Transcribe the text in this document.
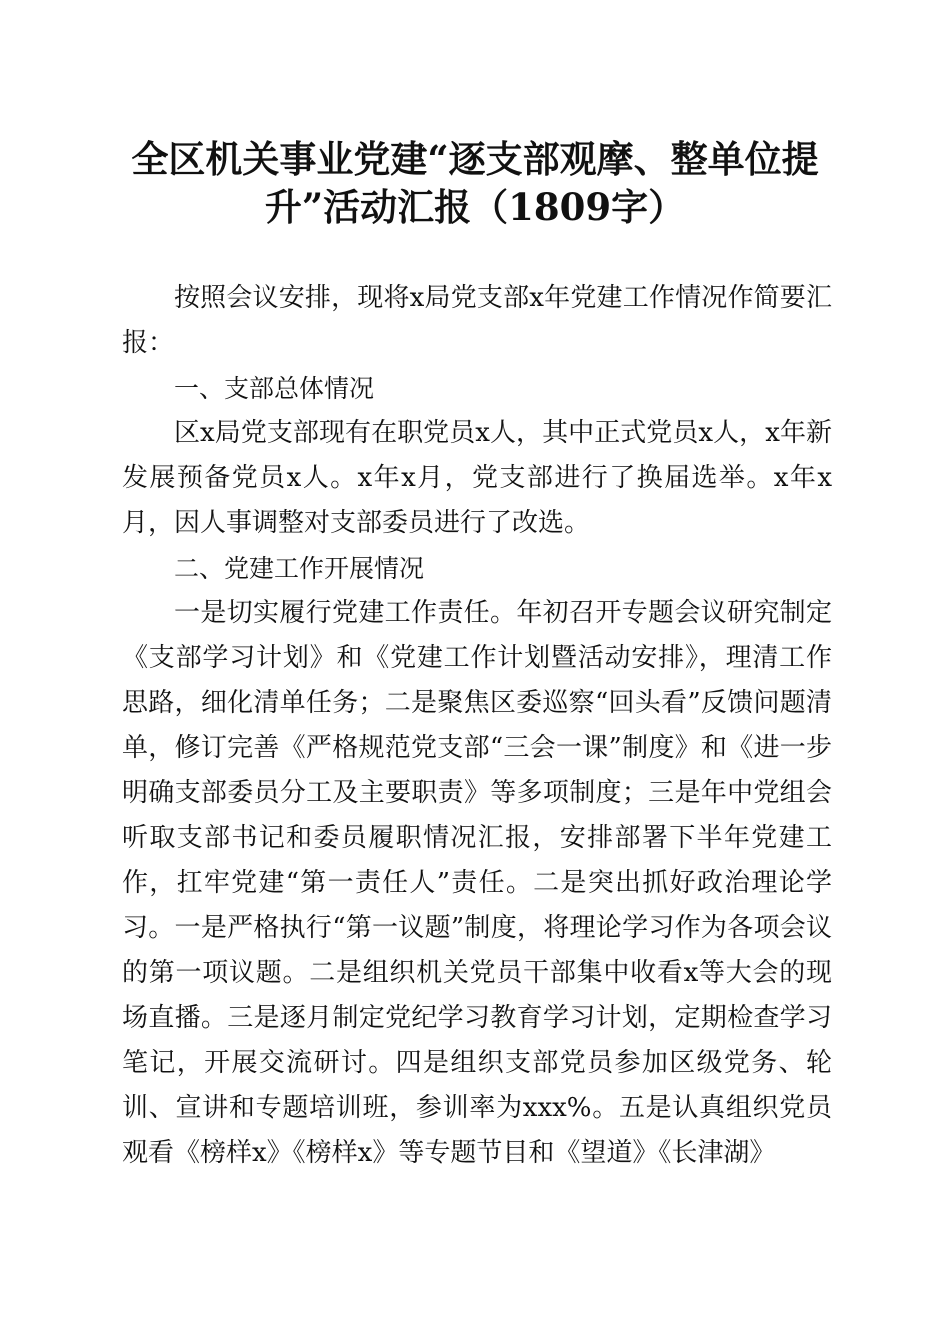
全区机关事业党建“逐支部观摩、整单位提
升”活动汇报（1809字）

按照会议安排，现将x局党支部x年党建工作情况作简要汇报：

一、支部总体情况

区x局党支部现有在职党员x人，其中正式党员x人，x年新发展预备党员x人。x年x月，党支部进行了换届选举。x年x月，因人事调整对支部委员进行了改选。

二、党建工作开展情况

一是切实履行党建工作责任。年初召开专题会议研究制定《支部学习计划》和《党建工作计划暨活动安排》，理清工作思路，细化清单任务；二是聚焦区委巡察“回头看”反馈问题清单，修订完善《严格规范党支部“三会一课”制度》和《进一步明确支部委员分工及主要职责》等多项制度；三是年中党组会听取支部书记和委员履职情况汇报，安排部署下半年党建工作，扛牢党建“第一责任人”责任。二是突出抓好政治理论学习。一是严格执行“第一议题”制度，将理论学习作为各项会议的第一项议题。二是组织机关党员干部集中收看x等大会的现场直播。三是逐月制定党纪学习教育学习计划，定期检查学习笔记，开展交流研讨。四是组织支部党员参加区级党务、轮训、宣讲和专题培训班，参训率为xxx%。五是认真组织党员观看《榜样x》《榜样x》等专题节目和《望道》《长津湖》
